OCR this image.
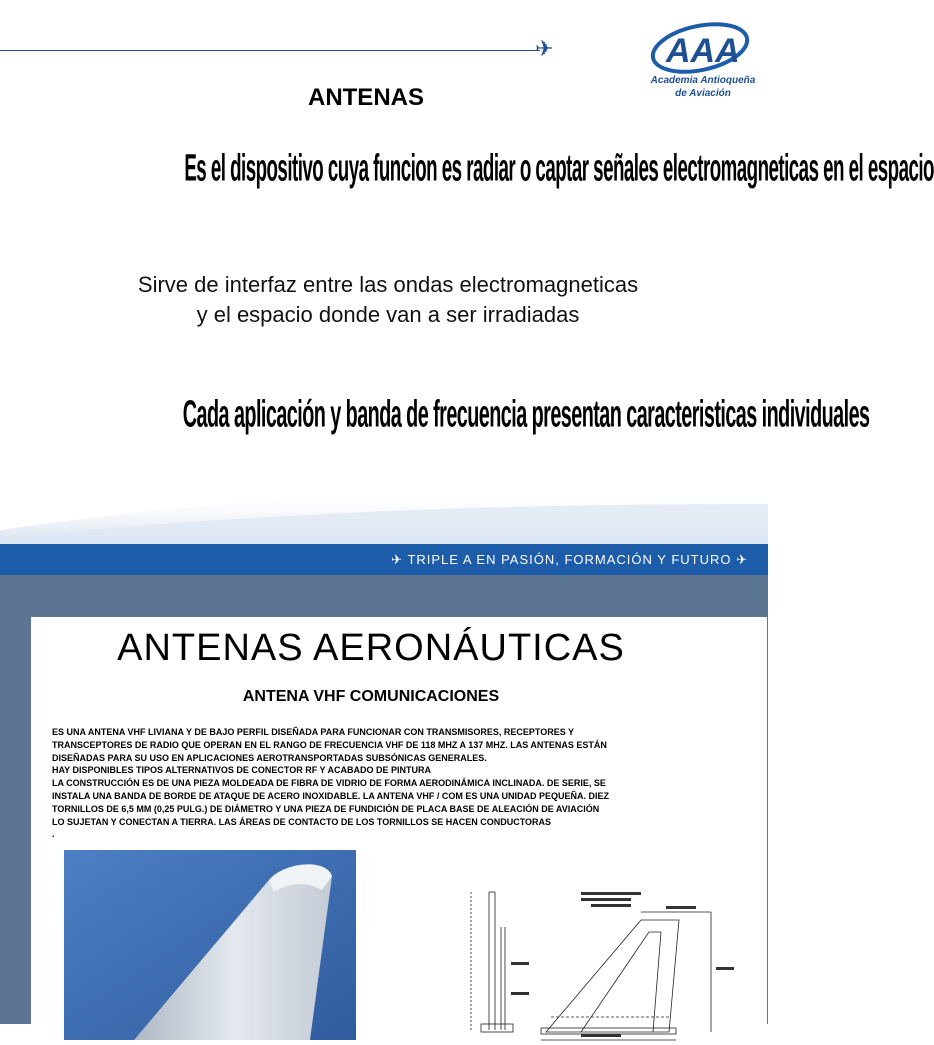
✈	AAA
Academia Antioqueña
de Aviación
ANTENAS
Es el dispositivo cuya funcion es radiar o captar señales electromagneticas en el espacio
Sirve de interfaz entre las ondas electromagneticas
y el espacio donde van a ser irradiadas
Cada aplicación y banda de frecuencia presentan caracteristicas individuales
✈ TRIPLE A EN PASIÓN, FORMACIÓN Y FUTURO ✈
ANTENAS AERONÁUTICAS
ANTENA VHF COMUNICACIONES

ES UNA ANTENA VHF LIVIANA Y DE BAJO PERFIL DISEÑADA PARA FUNCIONAR CON TRANSMISORES, RECEPTORES Y

TRANSCEPTORES DE RADIO QUE OPERAN EN EL RANGO DE FRECUENCIA VHF DE 118 MHZ A 137 MHZ. LAS ANTENAS ESTÁN

DISEÑADAS PARA SU USO EN APLICACIONES AEROTRANSPORTADAS SUBSÓNICAS GENERALES.

HAY DISPONIBLES TIPOS ALTERNATIVOS DE CONECTOR RF Y ACABADO DE PINTURA

LA CONSTRUCCIÓN ES DE UNA PIEZA MOLDEADA DE FIBRA DE VIDRIO DE FORMA AERODINÁMICA INCLINADA. DE SERIE, SE

INSTALA UNA BANDA DE BORDE DE ATAQUE DE ACERO INOXIDABLE. LA ANTENA VHF / COM ES UNA UNIDAD PEQUEÑA. DIEZ

TORNILLOS DE 6,5 MM (0,25 PULG.) DE DIÁMETRO Y UNA PIEZA DE FUNDICIÓN DE PLACA BASE DE ALEACIÓN DE AVIACIÓN

LO SUJETAN Y CONECTAN A TIERRA. LAS ÁREAS DE CONTACTO DE LOS TORNILLOS SE HACEN CONDUCTORAS

.
